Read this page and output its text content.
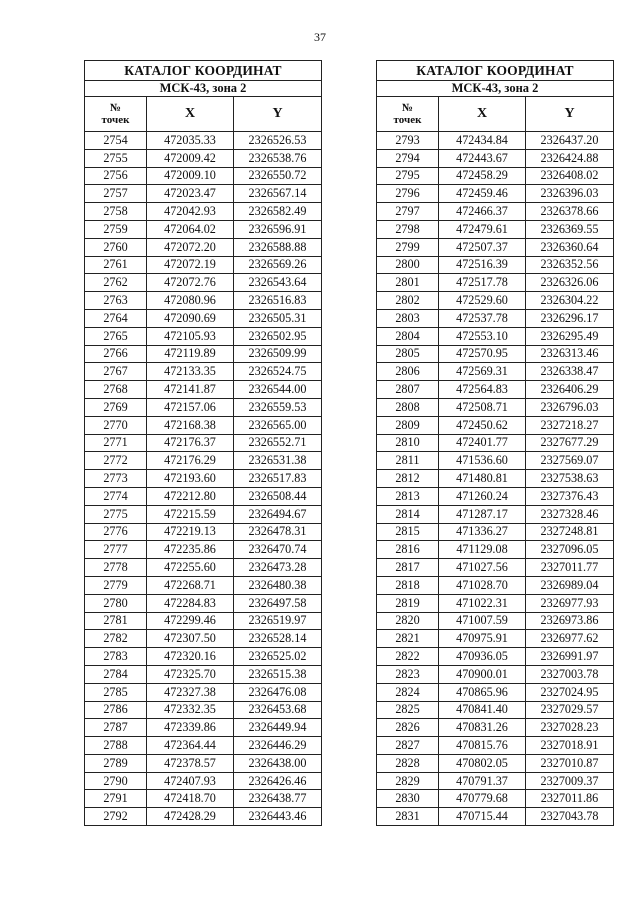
37
КАТАЛОГ КООРДИНАТ		
МСК-43, зона 2		

№
точек	X	Y
2754	472035.33	2326526.53
2755	472009.42	2326538.76
2756	472009.10	2326550.72
2757	472023.47	2326567.14
2758	472042.93	2326582.49
2759	472064.02	2326596.91
2760	472072.20	2326588.88
2761	472072.19	2326569.26
2762	472072.76	2326543.64
2763	472080.96	2326516.83
2764	472090.69	2326505.31
2765	472105.93	2326502.95
2766	472119.89	2326509.99
2767	472133.35	2326524.75
2768	472141.87	2326544.00
2769	472157.06	2326559.53
2770	472168.38	2326565.00
2771	472176.37	2326552.71
2772	472176.29	2326531.38
2773	472193.60	2326517.83
2774	472212.80	2326508.44
2775	472215.59	2326494.67
2776	472219.13	2326478.31
2777	472235.86	2326470.74
2778	472255.60	2326473.28
2779	472268.71	2326480.38
2780	472284.83	2326497.58
2781	472299.46	2326519.97
2782	472307.50	2326528.14
2783	472320.16	2326525.02
2784	472325.70	2326515.38
2785	472327.38	2326476.08
2786	472332.35	2326453.68
2787	472339.86	2326449.94
2788	472364.44	2326446.29
2789	472378.57	2326438.00
2790	472407.93	2326426.46
2791	472418.70	2326438.77
2792	472428.29	2326443.46
КАТАЛОГ КООРДИНАТ		
МСК-43, зона 2		

№
точек	X	Y
2793	472434.84	2326437.20
2794	472443.67	2326424.88
2795	472458.29	2326408.02
2796	472459.46	2326396.03
2797	472466.37	2326378.66
2798	472479.61	2326369.55
2799	472507.37	2326360.64
2800	472516.39	2326352.56
2801	472517.78	2326326.06
2802	472529.60	2326304.22
2803	472537.78	2326296.17
2804	472553.10	2326295.49
2805	472570.95	2326313.46
2806	472569.31	2326338.47
2807	472564.83	2326406.29
2808	472508.71	2326796.03
2809	472450.62	2327218.27
2810	472401.77	2327677.29
2811	471536.60	2327569.07
2812	471480.81	2327538.63
2813	471260.24	2327376.43
2814	471287.17	2327328.46
2815	471336.27	2327248.81
2816	471129.08	2327096.05
2817	471027.56	2327011.77
2818	471028.70	2326989.04
2819	471022.31	2326977.93
2820	471007.59	2326973.86
2821	470975.91	2326977.62
2822	470936.05	2326991.97
2823	470900.01	2327003.78
2824	470865.96	2327024.95
2825	470841.40	2327029.57
2826	470831.26	2327028.23
2827	470815.76	2327018.91
2828	470802.05	2327010.87
2829	470791.37	2327009.37
2830	470779.68	2327011.86
2831	470715.44	2327043.78
